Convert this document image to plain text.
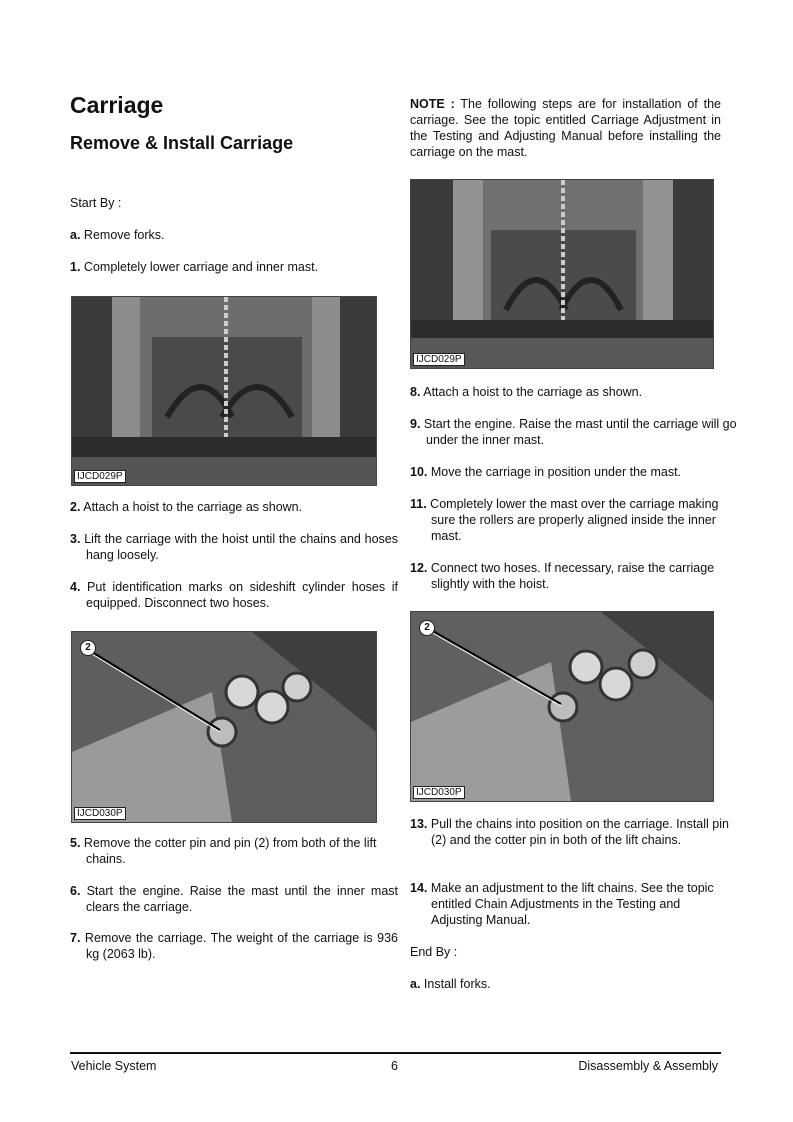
Carriage
Remove & Install Carriage
Start By :
a. Remove forks.
1. Completely lower carriage and inner mast.
IJCD029P
2. Attach a hoist to the carriage as shown.
3. Lift the carriage with the hoist until the chains and hoses hang loosely.
4. Put identification marks on sideshift cylinder hoses if equipped. Disconnect two hoses.
2
IJCD030P
5. Remove the cotter pin and pin (2) from both of the lift chains.
6. Start the engine. Raise the mast until the inner mast clears the carriage.
7. Remove the carriage. The weight of the carriage is 936 kg (2063 lb).
NOTE : The following steps are for installation of the carriage. See the topic entitled Carriage Adjustment in the Testing and Adjusting Manual before installing the carriage on the mast.
IJCD029P
8. Attach a hoist to the carriage as shown.
9. Start the engine. Raise the mast until the carriage will go under the inner mast.
10. Move the carriage in position under the mast.
11. Completely lower the mast over the carriage making sure the rollers are properly aligned inside the inner mast.
12. Connect two hoses. If necessary, raise the carriage slightly with the hoist.
2
IJCD030P
13. Pull the chains into position on the carriage. Install pin (2) and the cotter pin in both of the lift chains.
14. Make an adjustment to the lift chains. See the topic entitled Chain Adjustments in the Testing and Adjusting Manual.
End By :
a. Install forks.
Vehicle System	6	Disassembly & Assembly
